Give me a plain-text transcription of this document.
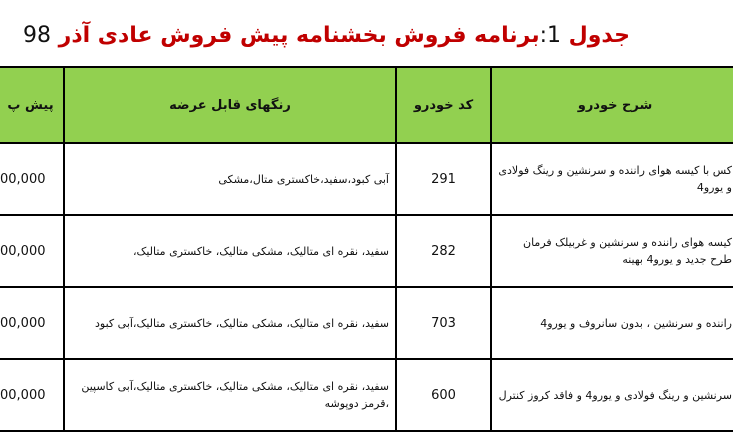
جدول 1:برنامه فروش بخشنامه پیش فروش عادی آذر 98
شرح خودرو	کد خودرو	رنگهای قابل عرضه	پیش پ
کس با کیسه هوای راننده و سرنشین و رینگ فولادی و یورو4	291	آبی کبود،سفید،خاکستری متال،مشکی	00,000
کیسه هوای راننده و سرنشین و غربیلک فرمان طرح جدید و یورو4 بهینه	282	سفید، نقره ای متالیک، مشکی متالیک، خاکستری متالیک،	00,000
راننده و سرنشین ، بدون سانروف و یورو4	703	سفید، نقره ای متالیک، مشکی متالیک، خاکستری متالیک،آبی کبود	00,000
سرنشین و رینگ فولادی و یورو4 و فاقد کروز کنترل	600	سفید، نقره ای متالیک، مشکی متالیک، خاکستری متالیک،آبی کاسپین ،قرمز دوپوشه	00,000
